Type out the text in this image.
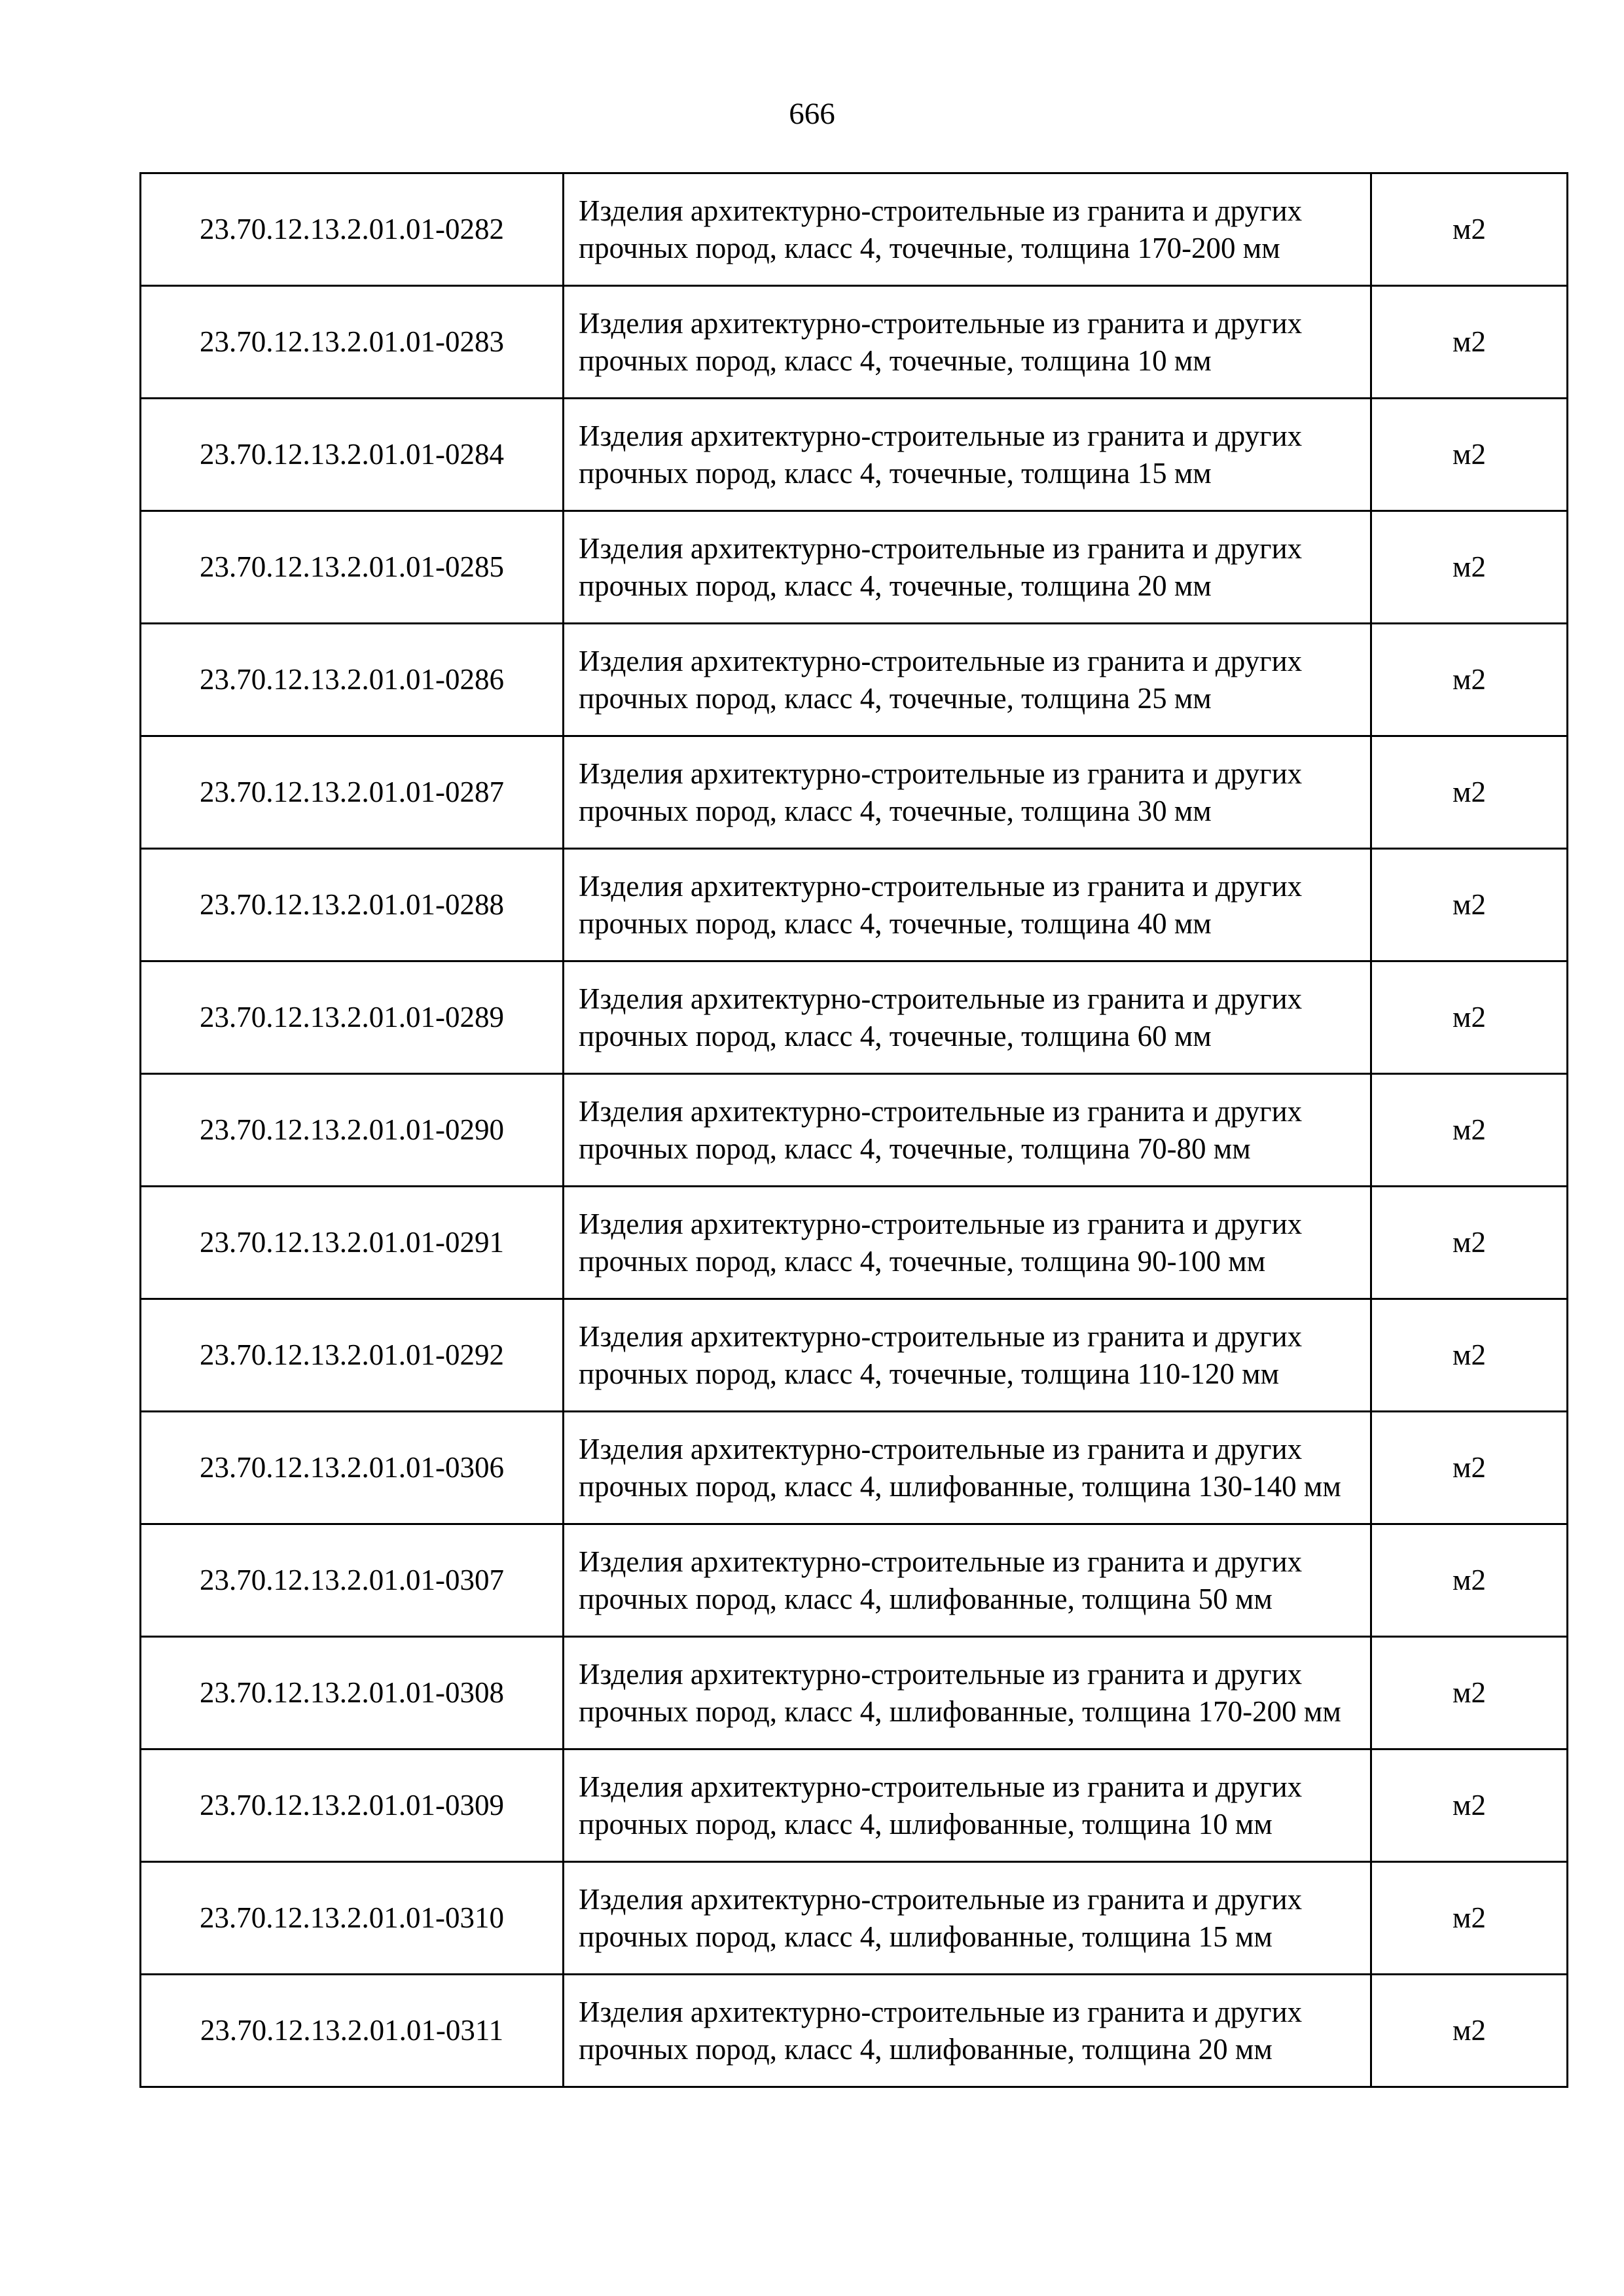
666
23.70.12.13.2.01.01-0282	Изделия архитектурно-строительные из гранита и других прочных пород, класс 4, точечные, толщина 170-200 мм	м2
23.70.12.13.2.01.01-0283	Изделия архитектурно-строительные из гранита и других прочных пород, класс 4, точечные, толщина 10 мм	м2
23.70.12.13.2.01.01-0284	Изделия архитектурно-строительные из гранита и других прочных пород, класс 4, точечные, толщина 15 мм	м2
23.70.12.13.2.01.01-0285	Изделия архитектурно-строительные из гранита и других прочных пород, класс 4, точечные, толщина 20 мм	м2
23.70.12.13.2.01.01-0286	Изделия архитектурно-строительные из гранита и других прочных пород, класс 4, точечные, толщина 25 мм	м2
23.70.12.13.2.01.01-0287	Изделия архитектурно-строительные из гранита и других прочных пород, класс 4, точечные, толщина 30 мм	м2
23.70.12.13.2.01.01-0288	Изделия архитектурно-строительные из гранита и других прочных пород, класс 4, точечные, толщина 40 мм	м2
23.70.12.13.2.01.01-0289	Изделия архитектурно-строительные из гранита и других прочных пород, класс 4, точечные, толщина 60 мм	м2
23.70.12.13.2.01.01-0290	Изделия архитектурно-строительные из гранита и других прочных пород, класс 4, точечные, толщина 70-80 мм	м2
23.70.12.13.2.01.01-0291	Изделия архитектурно-строительные из гранита и других прочных пород, класс 4, точечные, толщина 90-100 мм	м2
23.70.12.13.2.01.01-0292	Изделия архитектурно-строительные из гранита и других прочных пород, класс 4, точечные, толщина 110-120 мм	м2
23.70.12.13.2.01.01-0306	Изделия архитектурно-строительные из гранита и других прочных пород, класс 4, шлифованные, толщина 130-140 мм	м2
23.70.12.13.2.01.01-0307	Изделия архитектурно-строительные из гранита и других прочных пород, класс 4, шлифованные, толщина 50 мм	м2
23.70.12.13.2.01.01-0308	Изделия архитектурно-строительные из гранита и других прочных пород, класс 4, шлифованные, толщина 170-200 мм	м2
23.70.12.13.2.01.01-0309	Изделия архитектурно-строительные из гранита и других прочных пород, класс 4, шлифованные, толщина 10 мм	м2
23.70.12.13.2.01.01-0310	Изделия архитектурно-строительные из гранита и других прочных пород, класс 4, шлифованные, толщина 15 мм	м2
23.70.12.13.2.01.01-0311	Изделия архитектурно-строительные из гранита и других прочных пород, класс 4, шлифованные, толщина 20 мм	м2
